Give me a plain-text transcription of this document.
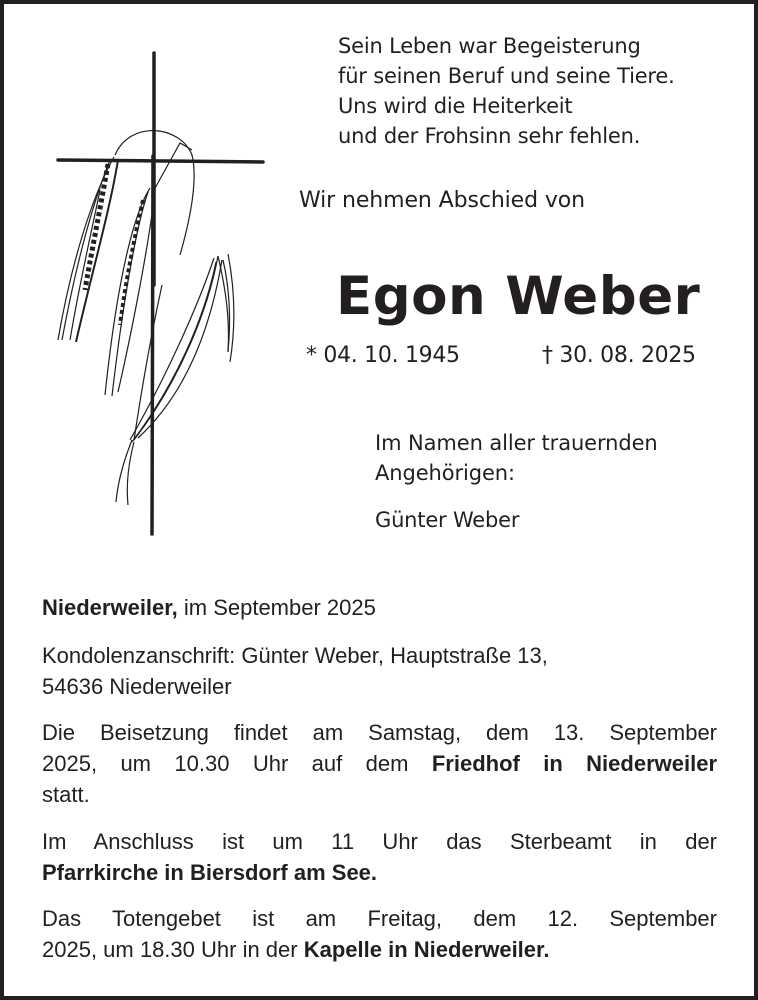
Sein Leben war Begeisterung
für seinen Beruf und seine Tiere.
Uns wird die Heiterkeit
und der Frohsinn sehr fehlen.
Wir nehmen Abschied von
Egon Weber
* 04. 10. 1945	† 30. 08. 2025
Im Namen aller trauernden
Angehörigen:
Günter Weber
Niederweiler, im September 2025
Kondolenzanschrift: Günter Weber, Hauptstraße 13,
54636 Niederweiler
Die Beisetzung findet am Samstag, dem 13. September
2025, um 10.30 Uhr auf dem Friedhof in Niederweiler
statt.
Im Anschluss ist um 11 Uhr das Sterbeamt in der
Pfarrkirche in Biersdorf am See.
Das Totengebet ist am Freitag, dem 12. September
2025, um 18.30 Uhr in der Kapelle in Niederweiler.
